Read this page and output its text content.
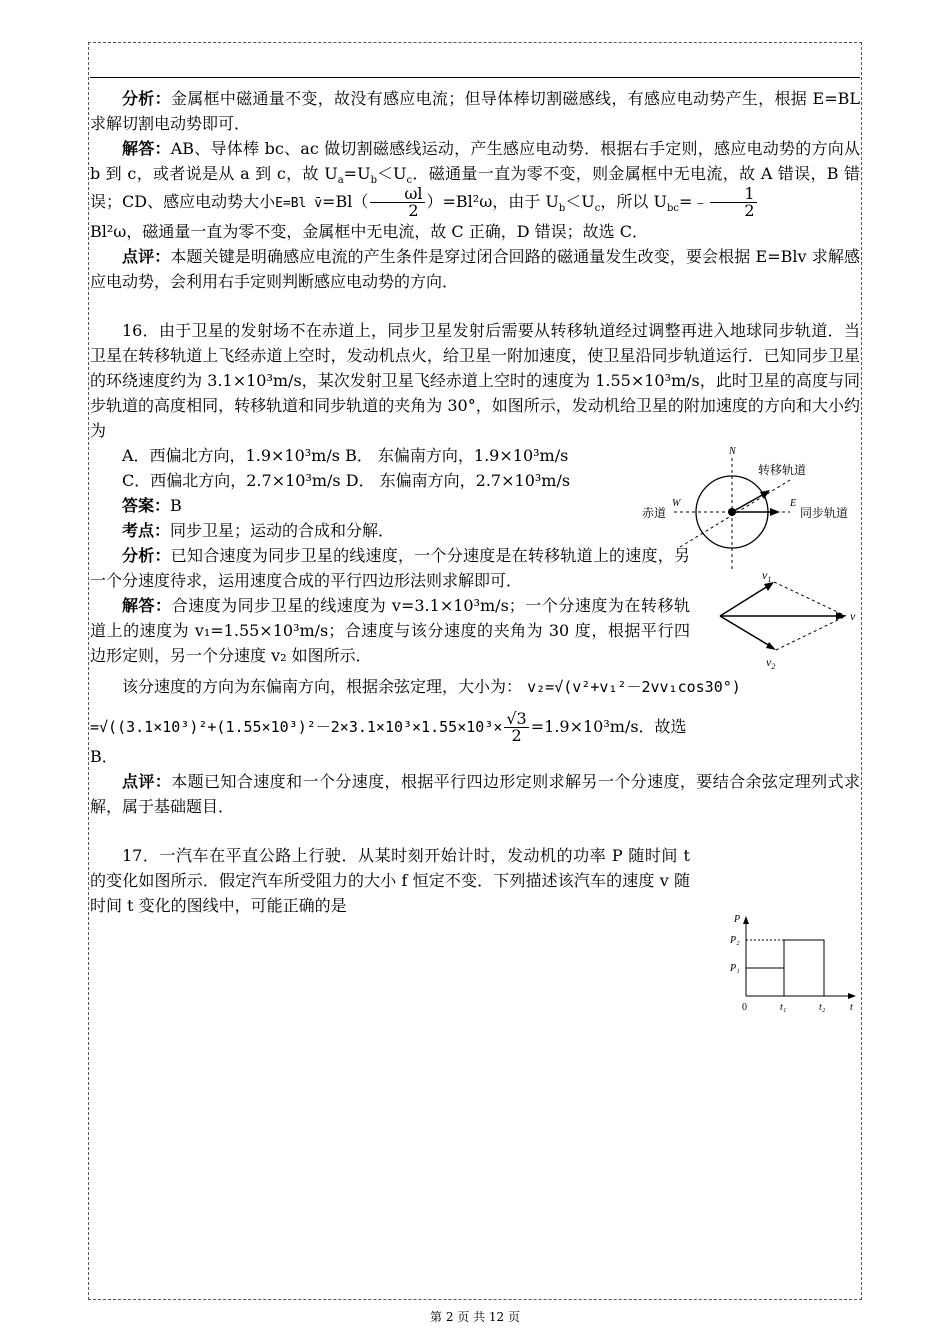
分析：金属框中磁通量不变，故没有感应电流；但导体棒切割磁感线，有感应电动势产生，根据 E=BL 求解切割电动势即可．

解答：AB、导体棒 bc、ac 做切割磁感线运动，产生感应电动势．根据右手定则，感应电动势的方向从 b 到 c，或者说是从 a 到 c，故 $U_a=U_b<U_c$．磁通量一直为零不变，则金属框中无电流，故 A 错误，B 错误；CD、感应电动势大小E=Bl v̄=Bl（ $\frac{\omega l}{2} )=Bl^2\omega$，由于 $U_b<U_c$，所以 $U_{bc}=﹣ \frac{1}{2}$

Bl²ω，磁通量一直为零不变，金属框中无电流，故 C 正确，D 错误；故选 C．

点评：本题关键是明确感应电流的产生条件是穿过闭合回路的磁通量发生改变，要会根据 E=Blv 求解感应电动势，会利用右手定则判断感应电动势的方向．

16．由于卫星的发射场不在赤道上，同步卫星发射后需要从转移轨道经过调整再进入地球同步轨道．当卫星在转移轨道上飞经赤道上空时，发动机点火，给卫星一附加速度，使卫星沿同步轨道运行．已知同步卫星的环绕速度约为 3.1×10³m/s，某次发射卫星飞经赤道上空时的速度为 1.55×10³m/s，此时卫星的高度与同步轨道的高度相同，转移轨道和同步轨道的夹角为 30°，如图所示，发动机给卫星的附加速度的方向和大小约为

A．西偏北方向，1.9×10³m/s B． 东偏南方向，1.9×10³m/s

C．西偏北方向，2.7×10³m/s D． 东偏南方向，2.7×10³m/s

答案：B

考点：同步卫星；运动的合成和分解．

分析：已知合速度为同步卫星的线速度，一个分速度是在转移轨道上的速度，另一个分速度待求，运用速度合成的平行四边形法则求解即可．

解答：合速度为同步卫星的线速度为 v=3.1×10³m/s；一个分速度为在转移轨道上的速度为 v₁=1.55×10³m/s；合速度与该分速度的夹角为 30 度，根据平行四边形定则，另一个分速度 v₂ 如图所示．

该分速度的方向为东偏南方向，根据余弦定理，大小为： v₂=√(v²+v₁²－2vv₁cos30°)

$=√((3.1\times 10^3)^2+(1.55\times 10^3)^2-2\times 3.1\times 10^3\times 1.55\times 10^3\times \frac{√3}{2} =1.9\times 10^3m/s$．故选

B．

点评：本题已知合速度和一个分速度，根据平行四边形定则求解另一个分速度，要结合余弦定理列式求解，属于基础题目．

17．一汽车在平直公路上行驶．从某时刻开始计时，发动机的功率 P 随时间 t 的变化如图所示．假定汽车所受阻力的大小 f 恒定不变．下列描述该汽车的速度 v 随时间 t 变化的图线中，可能正确的是

N
W	E
转移轨道
赤道	同步轨道
$v_1$
v
$v_2$
P
P₂
P₁
0	t₁	t₂ t
第 2 页 共 12 页
